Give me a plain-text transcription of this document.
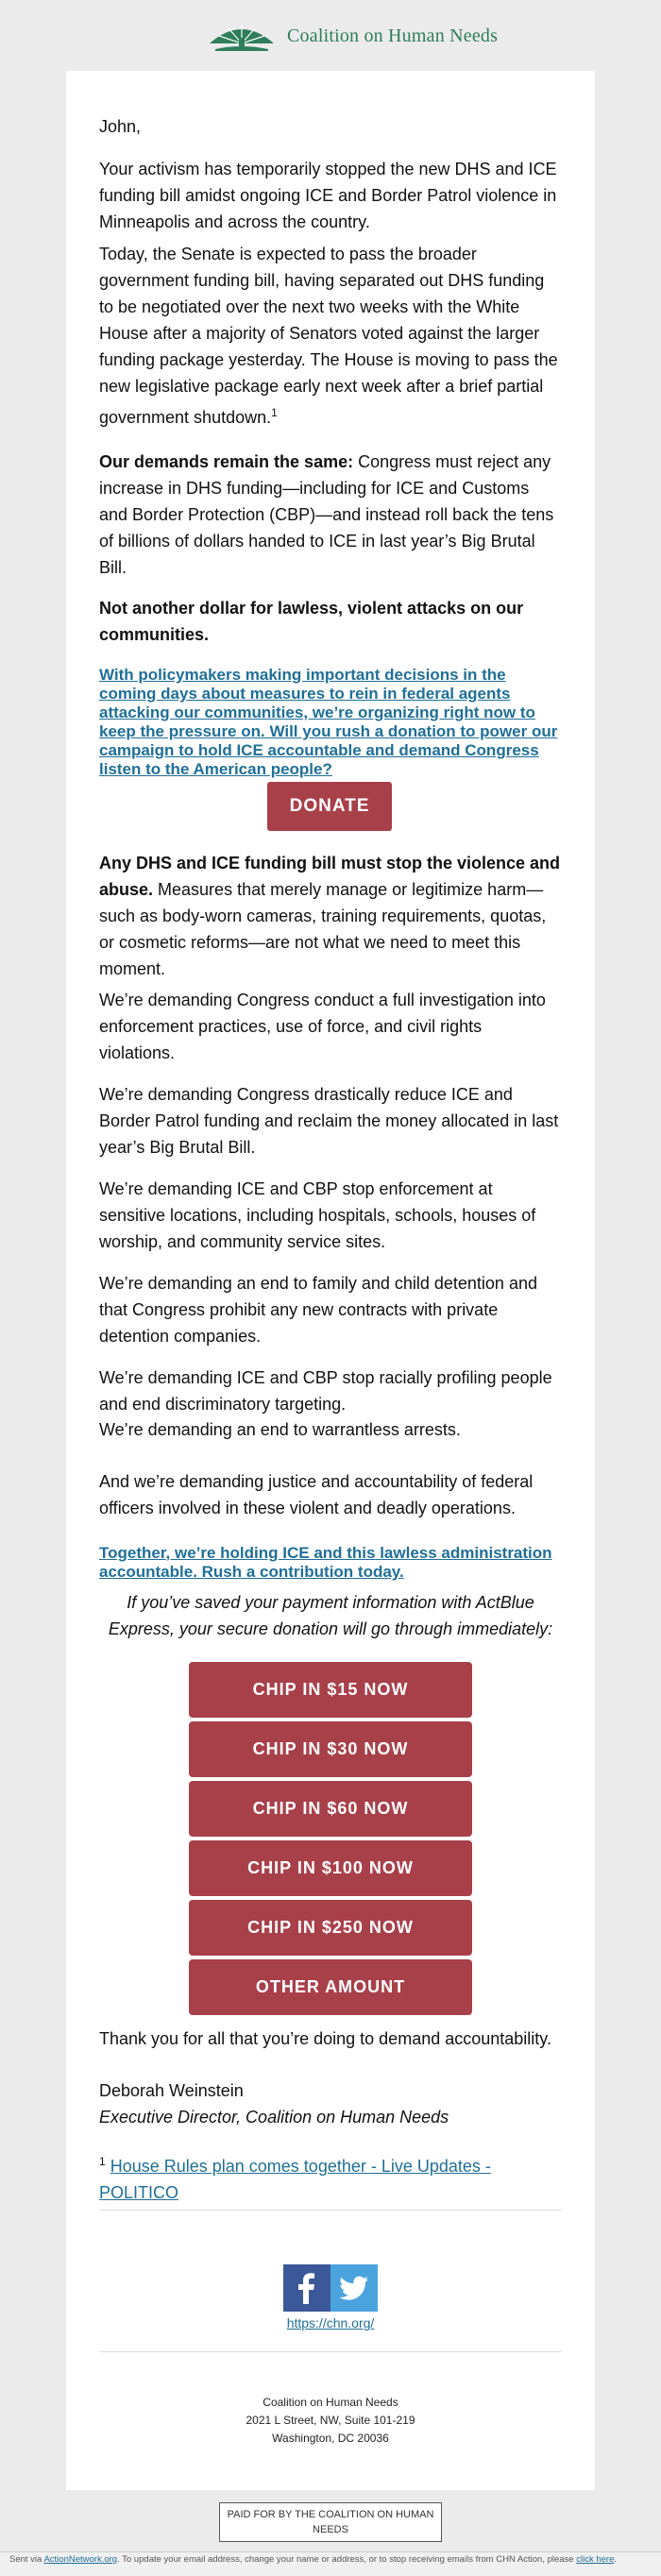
Coalition on Human Needs

John,

Your activism has temporarily stopped the new DHS and ICE funding bill amidst ongoing ICE and Border Patrol violence in Minneapolis and across the country.

Today, the Senate is expected to pass the broader government funding bill, having separated out DHS funding to be negotiated over the next two weeks with the White House after a majority of Senators voted against the larger funding package yesterday. The House is moving to pass the new legislative package early next week after a brief partial government shutdown.$^1$

Our demands remain the same: Congress must reject any increase in DHS funding—including for ICE and Customs and Border Protection (CBP)—and instead roll back the tens of billions of dollars handed to ICE in last year’s Big Brutal Bill.

Not another dollar for lawless, violent attacks on our communities.

With policymakers making important decisions in the coming days about measures to rein in federal agents attacking our communities, we’re organizing right now to keep the pressure on. Will you rush a donation to power our campaign to hold ICE accountable and demand Congress listen to the American people?

DONATE

Any DHS and ICE funding bill must stop the violence and abuse. Measures that merely manage or legitimize harm—such as body-worn cameras, training requirements, quotas, or cosmetic reforms—are not what we need to meet this moment.

We’re demanding Congress conduct a full investigation into enforcement practices, use of force, and civil rights violations.

We’re demanding Congress drastically reduce ICE and Border Patrol funding and reclaim the money allocated in last year’s Big Brutal Bill.

We’re demanding ICE and CBP stop enforcement at sensitive locations, including hospitals, schools, houses of worship, and community service sites.

We’re demanding an end to family and child detention and that Congress prohibit any new contracts with private detention companies.

We’re demanding ICE and CBP stop racially profiling people and end discriminatory targeting.

We’re demanding an end to warrantless arrests.

And we’re demanding justice and accountability of federal officers involved in these violent and deadly operations.

Together, we’re holding ICE and this lawless administration accountable. Rush a contribution today.

If you’ve saved your payment information with ActBlue Express, your secure donation will go through immediately:

CHIP IN $15 NOW
CHIP IN $30 NOW
CHIP IN $60 NOW
CHIP IN $100 NOW
CHIP IN $250 NOW
OTHER AMOUNT

Thank you for all that you’re doing to demand accountability.

Deborah Weinstein

Executive Director, Coalition on Human Needs

$^1$ House Rules plan comes together - Live Updates - POLITICO

https://chn.org/
Coalition on Human Needs
2021 L Street, NW, Suite 101-219
Washington, DC 20036
PAID FOR BY THE COALITION ON HUMAN NEEDS
Sent via ActionNetwork.org. To update your email address, change your name or address, or to stop receiving emails from CHN Action, please click here.
